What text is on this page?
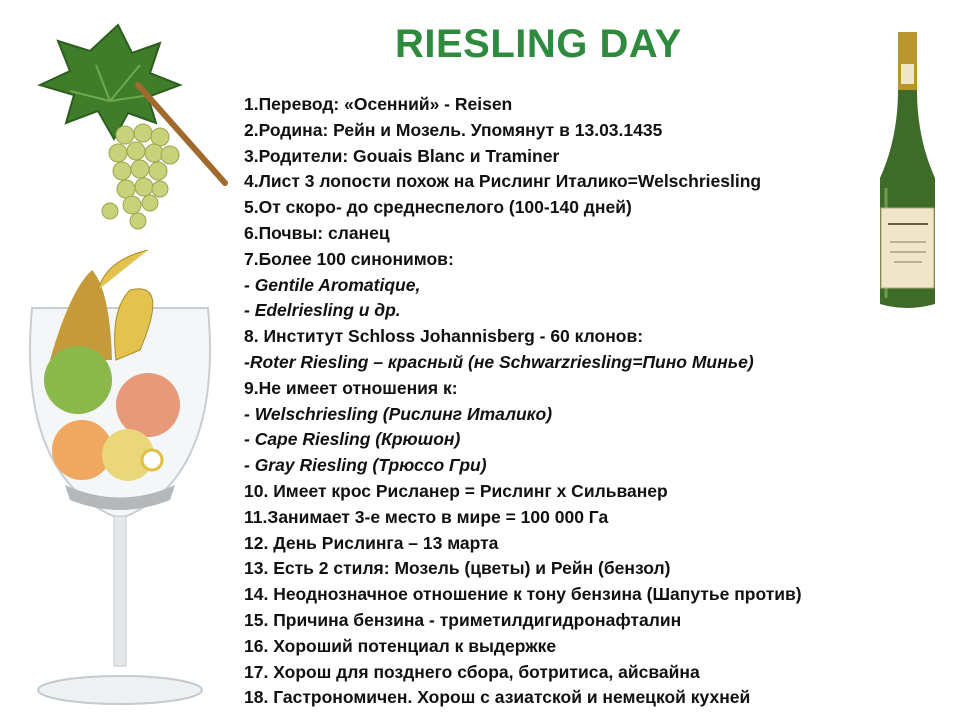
RIESLING DAY
1.Перевод: «Осенний» - Reisen
2.Родина: Рейн и Мозель. Упомянут в 13.03.1435
3.Родители: Gouais Blanc и Traminer
4.Лист 3 лопости похож на Рислинг Италико=Welschriesling
5.От скоро- до среднеспелого (100-140 дней)
6.Почвы: сланец
7.Более 100 синонимов:
- Gentile Aromatique,
- Edelriesling и др.
8. Институт Schloss Johannisberg - 60 клонов:
-Roter Riesling – красный (не Schwarzriesling=Пино Минье)
9.Не имеет отношения к:
- Welschriesling (Рислинг Италико)
- Cape Riesling (Крюшон)
- Gray Riesling (Трюссо Гри)
10. Имеет крос Рисланер = Рислинг х Сильванер
11.Занимает 3-е место в мире = 100 000 Га
12. День Рислинга – 13 марта
13. Есть 2 стиля: Мозель (цветы) и Рейн (бензол)
14. Неоднозначное отношение к тону бензина (Шапутье против)
15. Причина бензина - триметилдигидронафталин
16. Хороший потенциал к выдержке
17. Хорош для позднего сбора, ботритиса, айсвайна
18. Гастрономичен. Хорош с азиатской и немецкой кухней
